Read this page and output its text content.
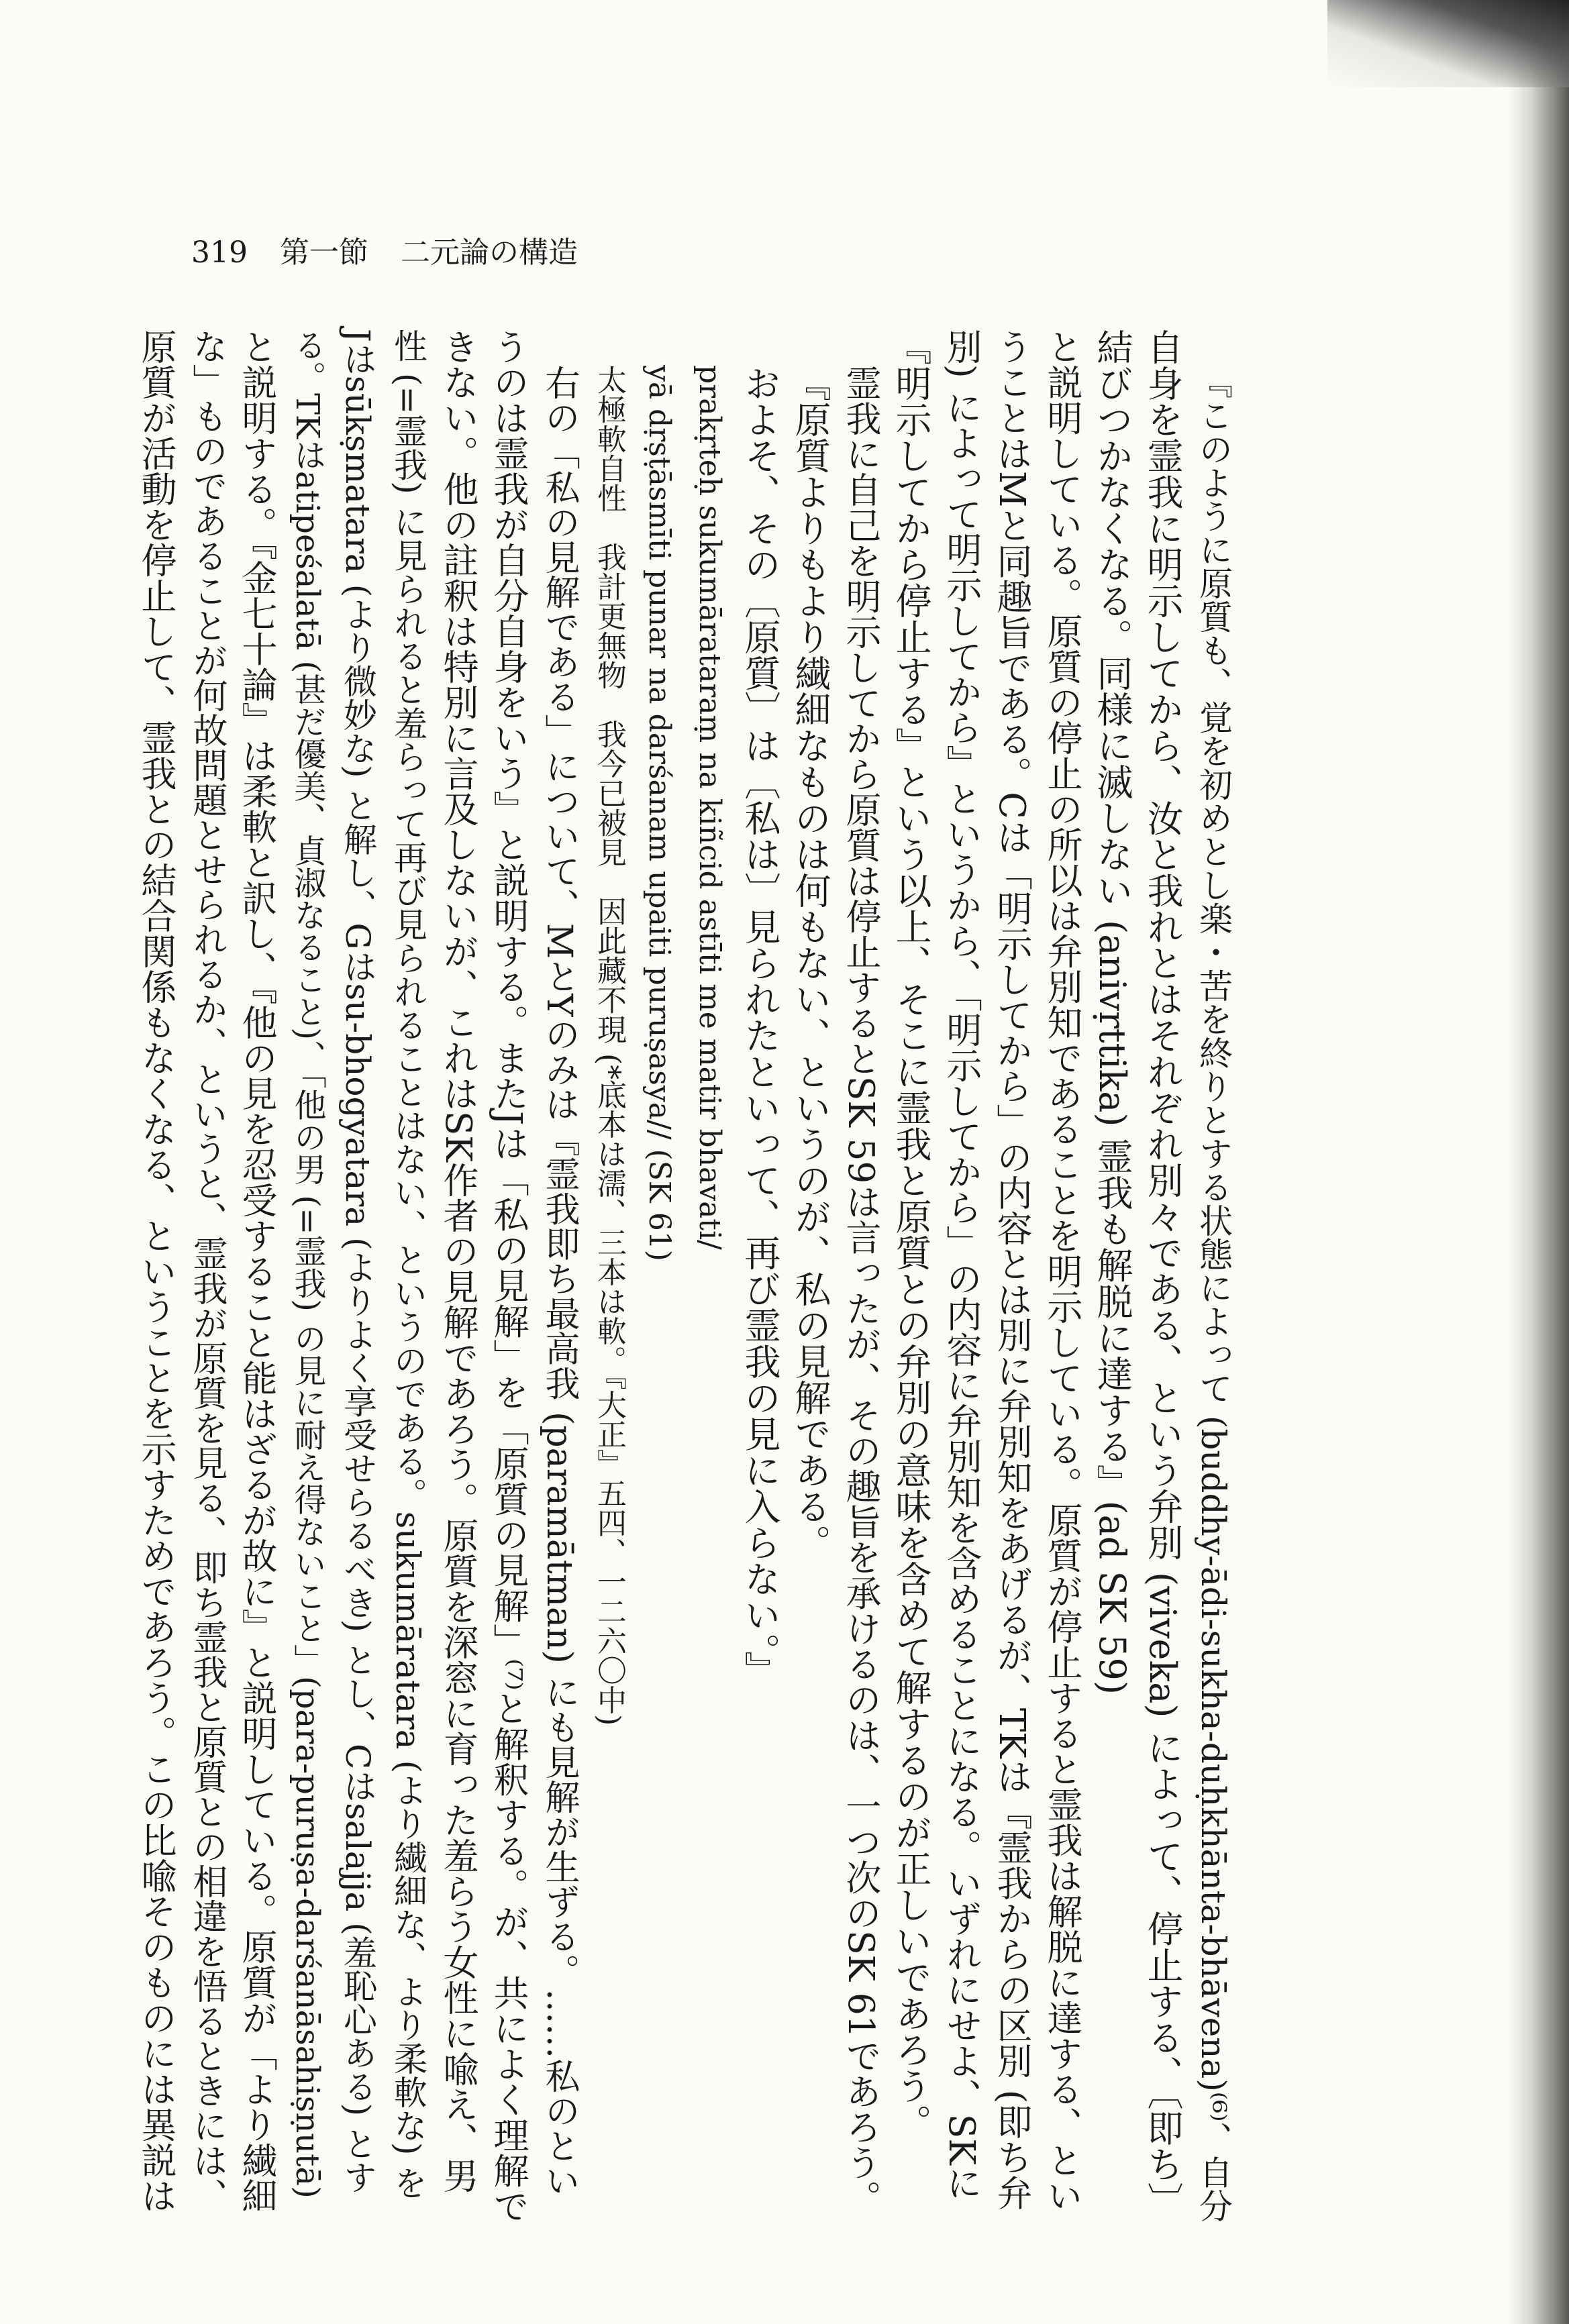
319 第一節 二元論の構造
『このように原質も、覚を初めとし楽・苦を終りとする状態によって (buddhy-ādi-sukha-duḥkhānta-bhāvena)⁽⁶⁾、自分
自身を霊我に明示してから、汝と我れとはそれぞれ別々である、という弁別 (viveka) によって、停止する、〔即ち〕
結びつかなくなる。同様に滅しない (anivṛttika) 霊我も解脱に達する』(ad SK 59)
と説明している。原質の停止の所以は弁別知であることを明示している。原質が停止すると霊我は解脱に達する、とい
うことはMと同趣旨である。Cは「明示してから」の内容とは別に弁別知をあげるが、TKは『霊我からの区別 (即ち弁
別) によって明示してから』というから、「明示してから」の内容に弁別知を含めることになる。いずれにせよ、SKに
『明示してから停止する』という以上、そこに霊我と原質との弁別の意味を含めて解するのが正しいであろう。
霊我に自己を明示してから原質は停止するとSK 59は言ったが、その趣旨を承けるのは、一つ次のSK 61であろう。
『原質よりもより繊細なものは何もない、というのが、私の見解である。
およそ、その〔原質〕は〔私は〕見られたといって、再び霊我の見に入らない。』
prakṛteḥ sukumārataraṃ na kiñcid astīti me matir bhavati/
yā dṛṣṭāsmīti punar na darśanam upaiti puruṣasya// (SK 61)
太極軟自性　我計更無物　我今已被見　因此藏不現 (*底本は濡、三本は軟。『大正』五四、一二六〇中)
右の「私の見解である」について、MとYのみは『霊我即ち最高我 (paramātman) にも見解が生ずる。……私のとい
うのは霊我が自分自身をいう』と説明する。またJは「私の見解」を「原質の見解」⁽⁷⁾と解釈する。が、共によく理解で
きない。他の註釈は特別に言及しないが、これはSK作者の見解であろう。原質を深窓に育った羞らう女性に喩え、男
性 (=霊我) に見られると羞らって再び見られることはない、というのである。sukumāratara (より繊細な、より柔軟な) を
Jはsūkṣmatara (より微妙な) と解し、Gはsu-bhogyatara (よりよく享受せらるべき) とし、Cはsalajja (羞恥心ある) とす
る。TKはatipeśalatā (甚だ優美、貞淑なること)、「他の男 (=霊我) の見に耐え得ないこと」(para-puruṣa-darśanāsahiṣṇutā)
と説明する。『金七十論』は柔軟と訳し、『他の見を忍受すること能はざるが故に』と説明している。原質が「より繊細
な」ものであることが何故問題とせられるか、というと、霊我が原質を見る、即ち霊我と原質との相違を悟るときには、
原質が活動を停止して、霊我との結合関係もなくなる、ということを示すためであろう。この比喩そのものには異説は
